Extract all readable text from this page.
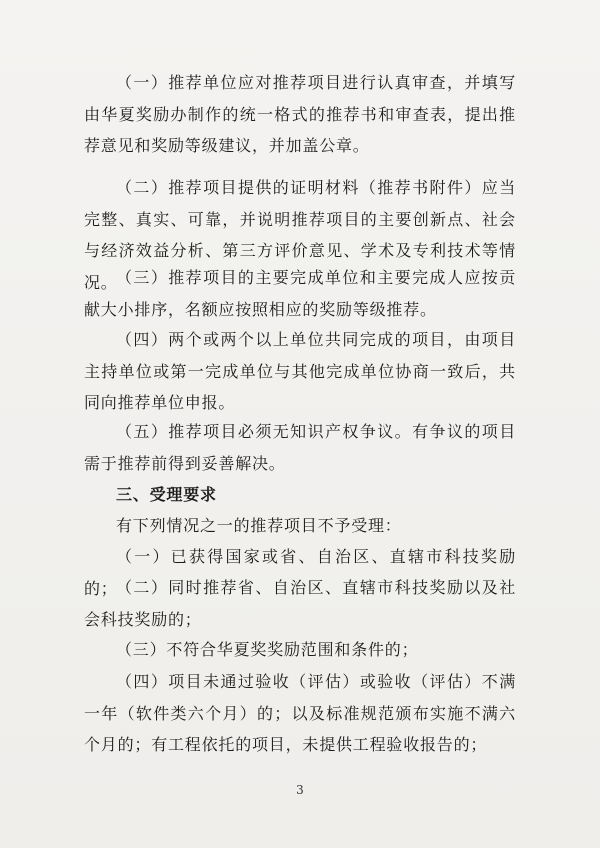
（一）推荐单位应对推荐项目进行认真审查，并填写由华夏奖励办制作的统一格式的推荐书和审查表，提出推荐意见和奖励等级建议，并加盖公章。

（二）推荐项目提供的证明材料（推荐书附件）应当完整、真实、可靠，并说明推荐项目的主要创新点、社会与经济效益分析、第三方评价意见、学术及专利技术等情况。

（三）推荐项目的主要完成单位和主要完成人应按贡献大小排序，名额应按照相应的奖励等级推荐。

（四）两个或两个以上单位共同完成的项目，由项目主持单位或第一完成单位与其他完成单位协商一致后，共同向推荐单位申报。

（五）推荐项目必须无知识产权争议。有争议的项目需于推荐前得到妥善解决。

三、受理要求

有下列情况之一的推荐项目不予受理：

（一）已获得国家或省、自治区、直辖市科技奖励的；

（二）同时推荐省、自治区、直辖市科技奖励以及社会科技奖励的；

（三）不符合华夏奖奖励范围和条件的；

（四）项目未通过验收（评估）或验收（评估）不满一年（软件类六个月）的；以及标准规范颁布实施不满六个月的；有工程依托的项目，未提供工程验收报告的；

3
